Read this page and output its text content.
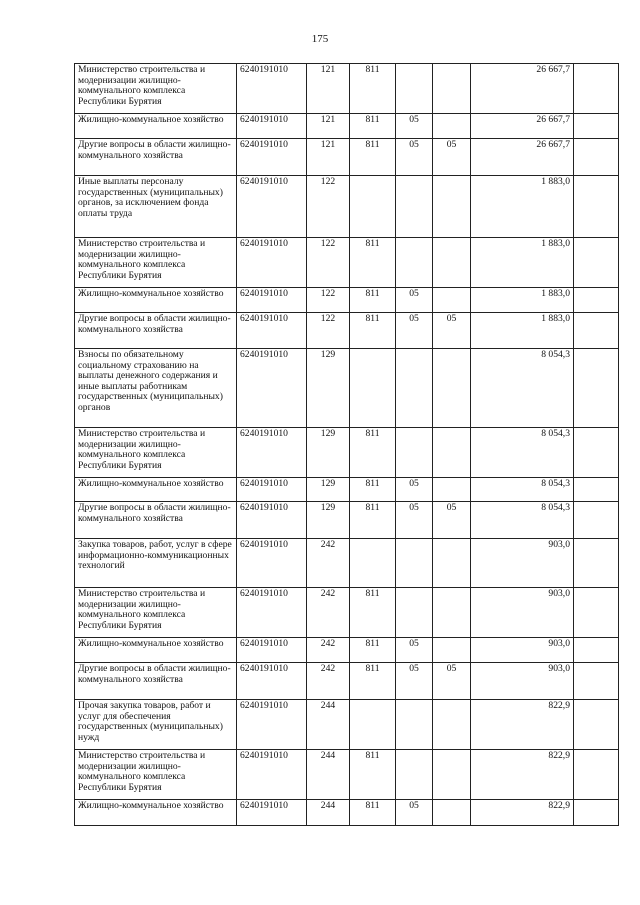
175
Министерство строительства и модернизации жилищно-коммунального комплекса Республики Бурятия	6240191010	121	811			26 667,7	
Жилищно-коммунальное хозяйство	6240191010	121	811	05		26 667,7	
Другие вопросы в области жилищно-коммунального хозяйства	6240191010	121	811	05	05	26 667,7	
Иные выплаты персоналу государственных (муниципальных) органов, за исключением фонда оплаты труда	6240191010	122				1 883,0	
Министерство строительства и модернизации жилищно-коммунального комплекса Республики Бурятия	6240191010	122	811			1 883,0	
Жилищно-коммунальное хозяйство	6240191010	122	811	05		1 883,0	
Другие вопросы в области жилищно-коммунального хозяйства	6240191010	122	811	05	05	1 883,0	
Взносы по обязательному социальному страхованию на выплаты денежного содержания и иные выплаты работникам государственных (муниципальных) органов	6240191010	129				8 054,3	
Министерство строительства и модернизации жилищно-коммунального комплекса Республики Бурятия	6240191010	129	811			8 054,3	
Жилищно-коммунальное хозяйство	6240191010	129	811	05		8 054,3	
Другие вопросы в области жилищно-коммунального хозяйства	6240191010	129	811	05	05	8 054,3	
Закупка товаров, работ, услуг в сфере информационно-коммуникационных технологий	6240191010	242				903,0	
Министерство строительства и модернизации жилищно-коммунального комплекса Республики Бурятия	6240191010	242	811			903,0	
Жилищно-коммунальное хозяйство	6240191010	242	811	05		903,0	
Другие вопросы в области жилищно-коммунального хозяйства	6240191010	242	811	05	05	903,0	
Прочая закупка товаров, работ и услуг для обеспечения государственных (муниципальных) нужд	6240191010	244				822,9	
Министерство строительства и модернизации жилищно-коммунального комплекса Республики Бурятия	6240191010	244	811			822,9	
Жилищно-коммунальное хозяйство	6240191010	244	811	05		822,9	
